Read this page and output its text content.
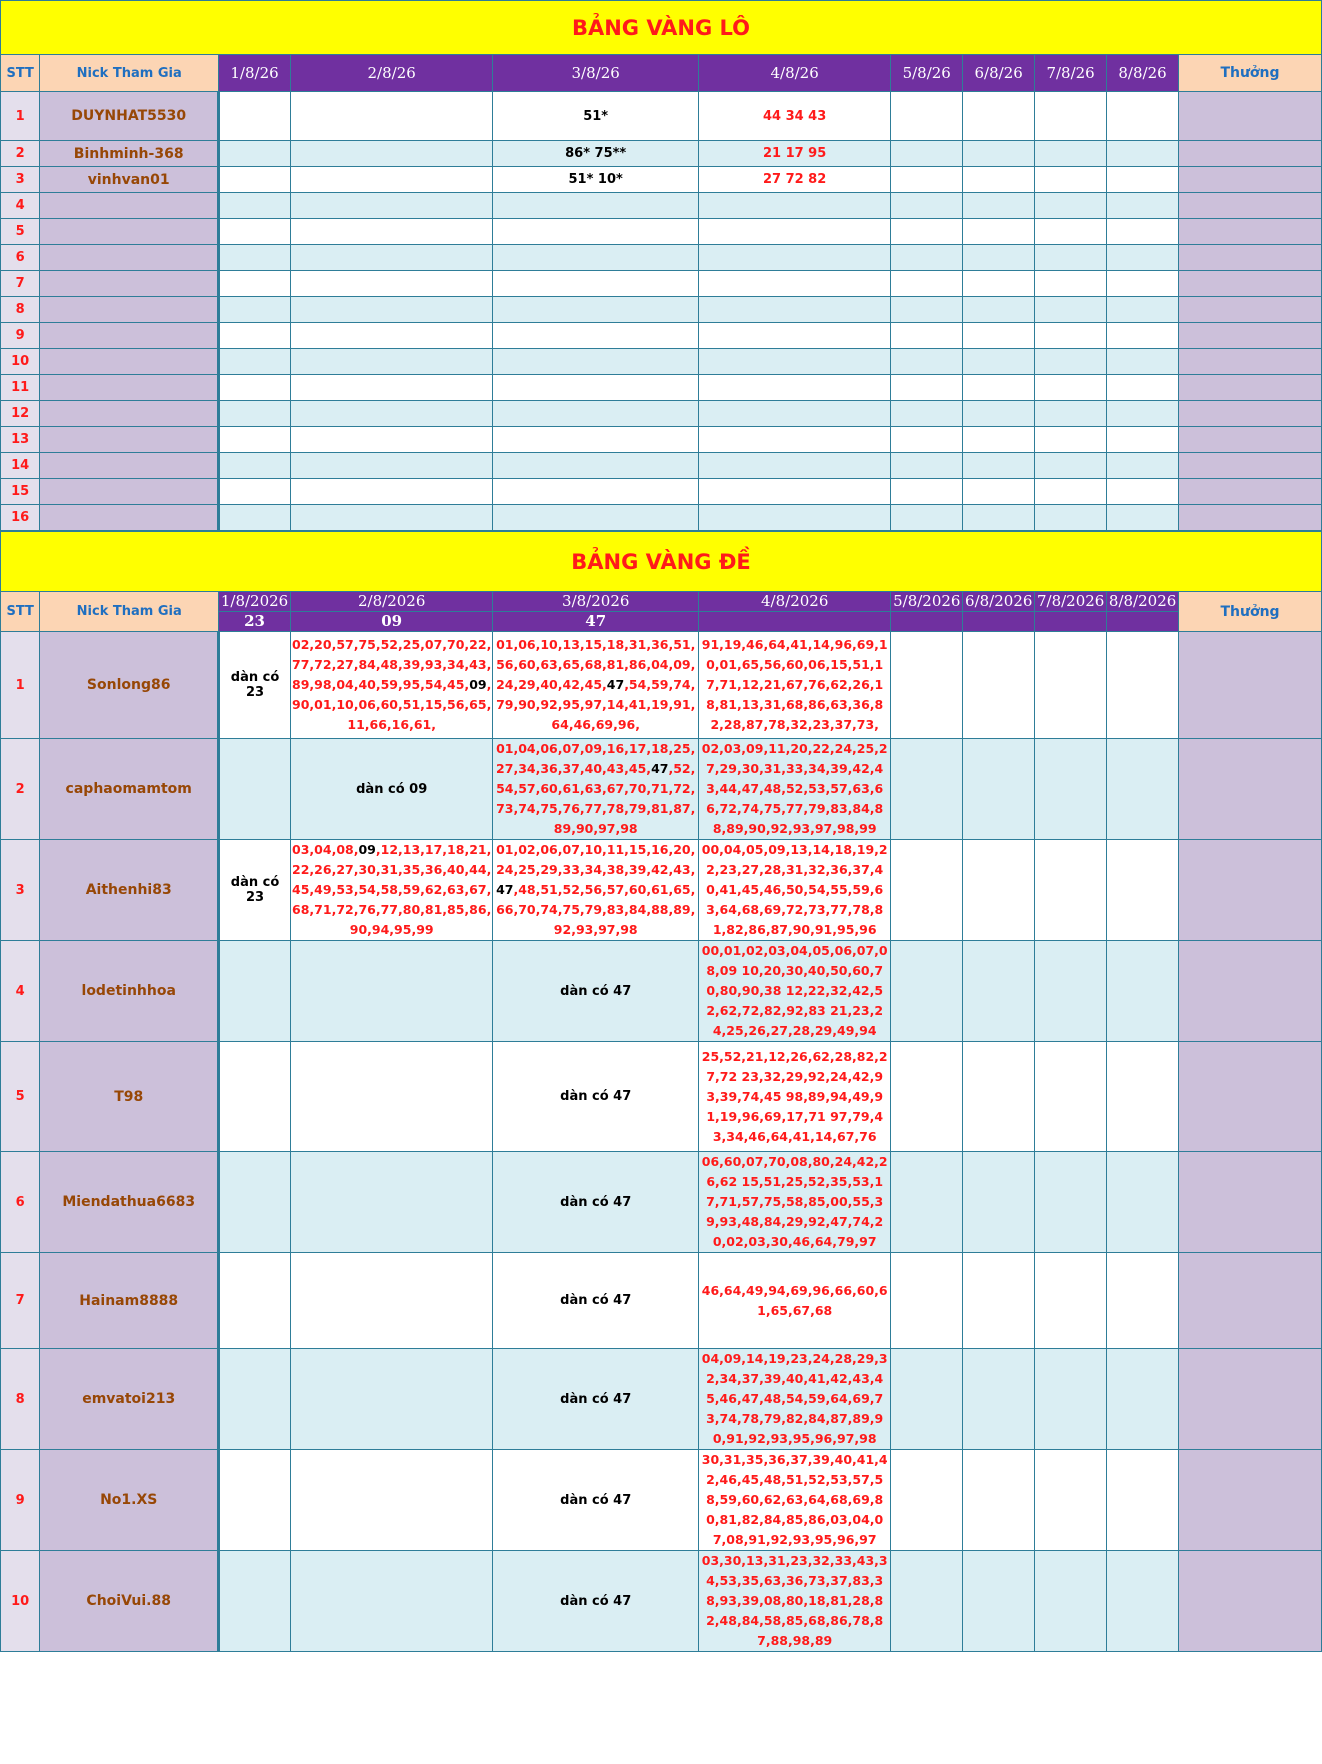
BẢNG VÀNG LÔ										
STT	Nick Tham Gia	1/8/26	2/8/26	3/8/26	4/8/26	5/8/26	6/8/26	7/8/26	8/8/26	Thưởng
1	DUYNHAT5530			51*	44 34 43					
2	Binhminh-368			86* 75**	21 17 95					
3	vinhvan01			51* 10*	27 72 82					
4										
5										
6										
7										
8										
9										
10										
11										
12										
13										
14										
15										
16										
BẢNG VÀNG ĐỀ										
STT	Nick Tham Gia	1/8/2026	2/8/2026	3/8/2026	4/8/2026	5/8/2026	6/8/2026	7/8/2026	8/8/2026	Thưởng
		23	09	47						
1	Sonlong86	dàn có 23	02,20,57,75,52,25,07,70,22,77,72,27,84,48,39,93,34,43,89,98,04,40,59,95,54,45,09,90,01,10,06,60,51,15,56,65,11,66,16,61,	01,06,10,13,15,18,31,36,51,56,60,63,65,68,81,86,04,09,24,29,40,42,45,47,54,59,74,79,90,92,95,97,14,41,19,91,64,46,69,96,	91,19,46,64,41,14,96,69,10,01,65,56,60,06,15,51,17,71,12,21,67,76,62,26,18,81,13,31,68,86,63,36,82,28,87,78,32,23,37,73,					
2	caphaomamtom		dàn có 09	01,04,06,07,09,16,17,18,25,27,34,36,37,40,43,45,47,52,54,57,60,61,63,67,70,71,72,73,74,75,76,77,78,79,81,87,89,90,97,98	02,03,09,11,20,22,24,25,27,29,30,31,33,34,39,42,43,44,47,48,52,53,57,63,66,72,74,75,77,79,83,84,88,89,90,92,93,97,98,99					
3	Aithenhi83	dàn có 23	03,04,08,09,12,13,17,18,21,22,26,27,30,31,35,36,40,44,45,49,53,54,58,59,62,63,67,68,71,72,76,77,80,81,85,86,90,94,95,99	01,02,06,07,10,11,15,16,20,24,25,29,33,34,38,39,42,43,47,48,51,52,56,57,60,61,65,66,70,74,75,79,83,84,88,89,92,93,97,98	00,04,05,09,13,14,18,19,22,23,27,28,31,32,36,37,40,41,45,46,50,54,55,59,63,64,68,69,72,73,77,78,81,82,86,87,90,91,95,96					
4	lodetinhhoa			dàn có 47	00,01,02,03,04,05,06,07,08,09 10,20,30,40,50,60,70,80,90,38 12,22,32,42,52,62,72,82,92,83 21,23,24,25,26,27,28,29,49,94					
5	T98			dàn có 47	25,52,21,12,26,62,28,82,27,72 23,32,29,92,24,42,93,39,74,45 98,89,94,49,91,19,96,69,17,71 97,79,43,34,46,64,41,14,67,76					
6	Miendathua6683			dàn có 47	06,60,07,70,08,80,24,42,26,62 15,51,25,52,35,53,17,71,57,75,58,85,00,55,39,93,48,84,29,92,47,74,20,02,03,30,46,64,79,97					
7	Hainam8888			dàn có 47	46,64,49,94,69,96,66,60,61,65,67,68					
8	emvatoi213			dàn có 47	04,09,14,19,23,24,28,29,32,34,37,39,40,41,42,43,45,46,47,48,54,59,64,69,73,74,78,79,82,84,87,89,90,91,92,93,95,96,97,98					
9	No1.XS			dàn có 47	30,31,35,36,37,39,40,41,42,46,45,48,51,52,53,57,58,59,60,62,63,64,68,69,80,81,82,84,85,86,03,04,07,08,91,92,93,95,96,97					
10	ChoiVui.88			dàn có 47	03,30,13,31,23,32,33,43,34,53,35,63,36,73,37,83,38,93,39,08,80,18,81,28,82,48,84,58,85,68,86,78,87,88,98,89					
